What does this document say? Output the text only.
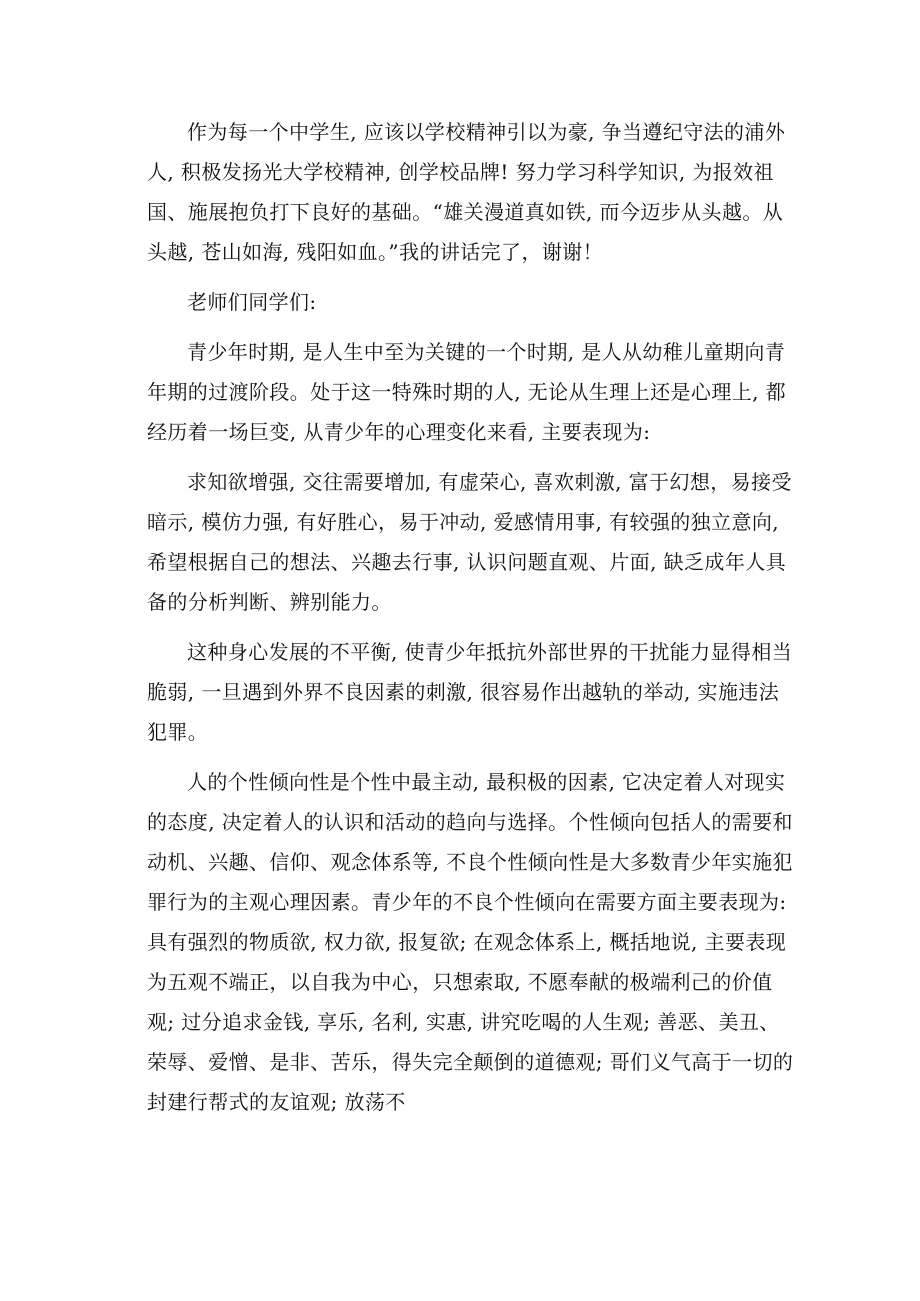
作为每一个中学生, 应该以学校精神引以为豪, 争当遵纪守法的浦外人, 积极发扬光大学校精神, 创学校品牌! 努力学习科学知识, 为报效祖国、施展抱负打下良好的基础。“雄关漫道真如铁, 而今迈步从头越。从头越, 苍山如海, 残阳如血。”我的讲话完了，谢谢！

老师们同学们:

青少年时期, 是人生中至为关键的一个时期, 是人从幼稚儿童期向青年期的过渡阶段。处于这一特殊时期的人, 无论从生理上还是心理上, 都经历着一场巨变, 从青少年的心理变化来看, 主要表现为:

求知欲增强, 交往需要增加, 有虚荣心, 喜欢刺激, 富于幻想，易接受暗示, 模仿力强, 有好胜心，易于冲动, 爱感情用事, 有较强的独立意向, 希望根据自己的想法、兴趣去行事, 认识问题直观、片面, 缺乏成年人具备的分析判断、辨别能力。

这种身心发展的不平衡, 使青少年抵抗外部世界的干扰能力显得相当脆弱, 一旦遇到外界不良因素的刺激, 很容易作出越轨的举动, 实施违法犯罪。

人的个性倾向性是个性中最主动, 最积极的因素, 它决定着人对现实的态度, 决定着人的认识和活动的趋向与选择。个性倾向包括人的需要和动机、兴趣、信仰、观念体系等, 不良个性倾向性是大多数青少年实施犯罪行为的主观心理因素。青少年的不良个性倾向在需要方面主要表现为: 具有强烈的物质欲, 权力欲, 报复欲; 在观念体系上, 概括地说, 主要表现为五观不端正，以自我为中心，只想索取, 不愿奉献的极端利己的价值观; 过分追求金钱, 享乐, 名利, 实惠, 讲究吃喝的人生观; 善恶、美丑、荣辱、爱憎、是非、苦乐，得失完全颠倒的道德观; 哥们义气高于一切的封建行帮式的友谊观; 放荡不
